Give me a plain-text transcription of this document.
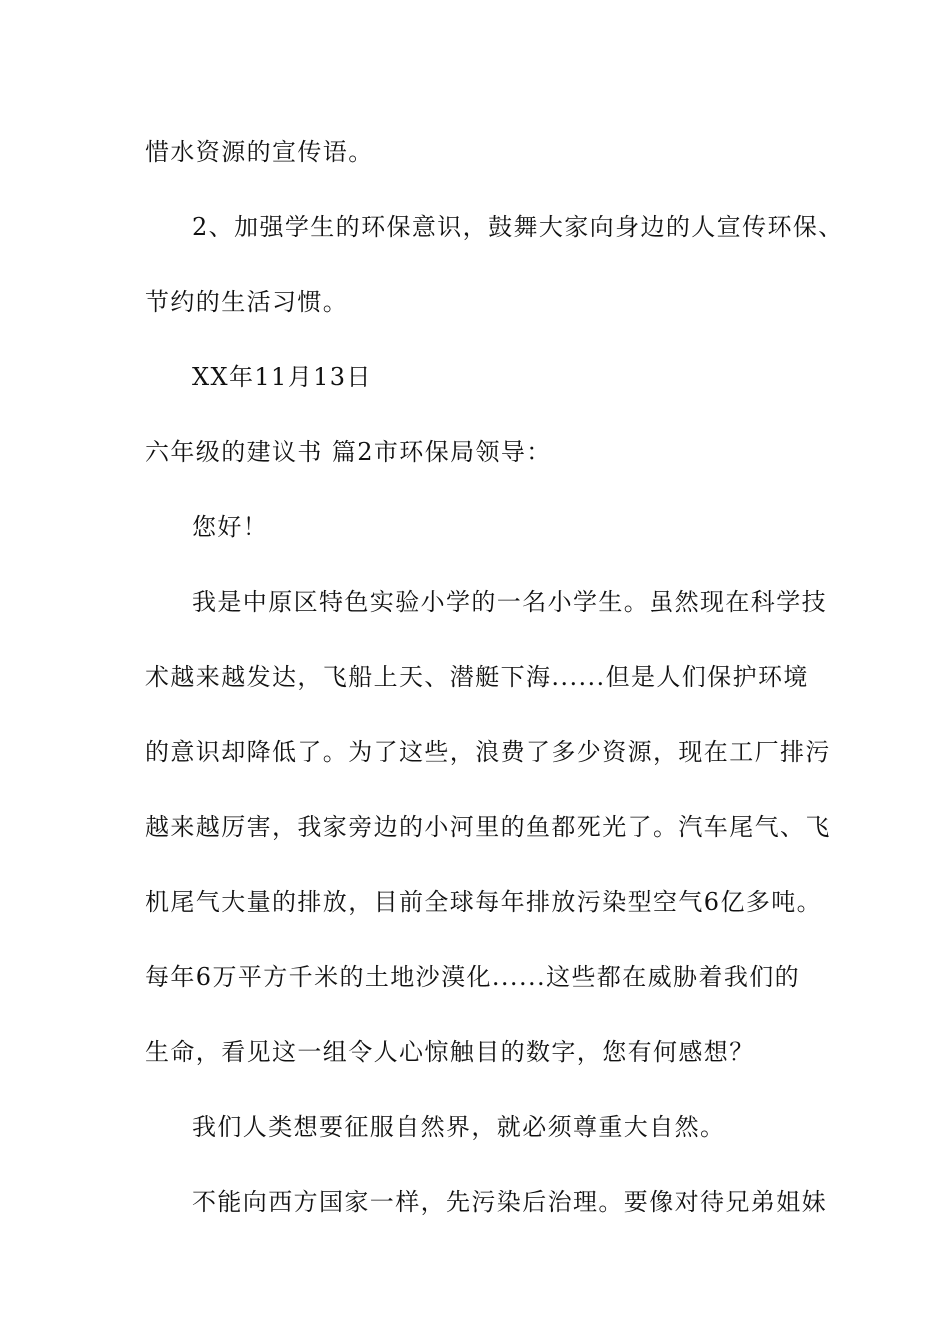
惜水资源的宣传语。
2、加强学生的环保意识，鼓舞大家向身边的人宣传环保、
节约的生活习惯。
XX年11月13日
六年级的建议书 篇2市环保局领导：
您好！
我是中原区特色实验小学的一名小学生。虽然现在科学技
术越来越发达，飞船上天、潜艇下海......但是人们保护环境
的意识却降低了。为了这些，浪费了多少资源，现在工厂排污
越来越厉害，我家旁边的小河里的鱼都死光了。汽车尾气、飞
机尾气大量的排放，目前全球每年排放污染型空气6亿多吨。
每年6万平方千米的土地沙漠化......这些都在威胁着我们的
生命，看见这一组令人心惊触目的数字，您有何感想？
我们人类想要征服自然界，就必须尊重大自然。
不能向西方国家一样，先污染后治理。要像对待兄弟姐妹
